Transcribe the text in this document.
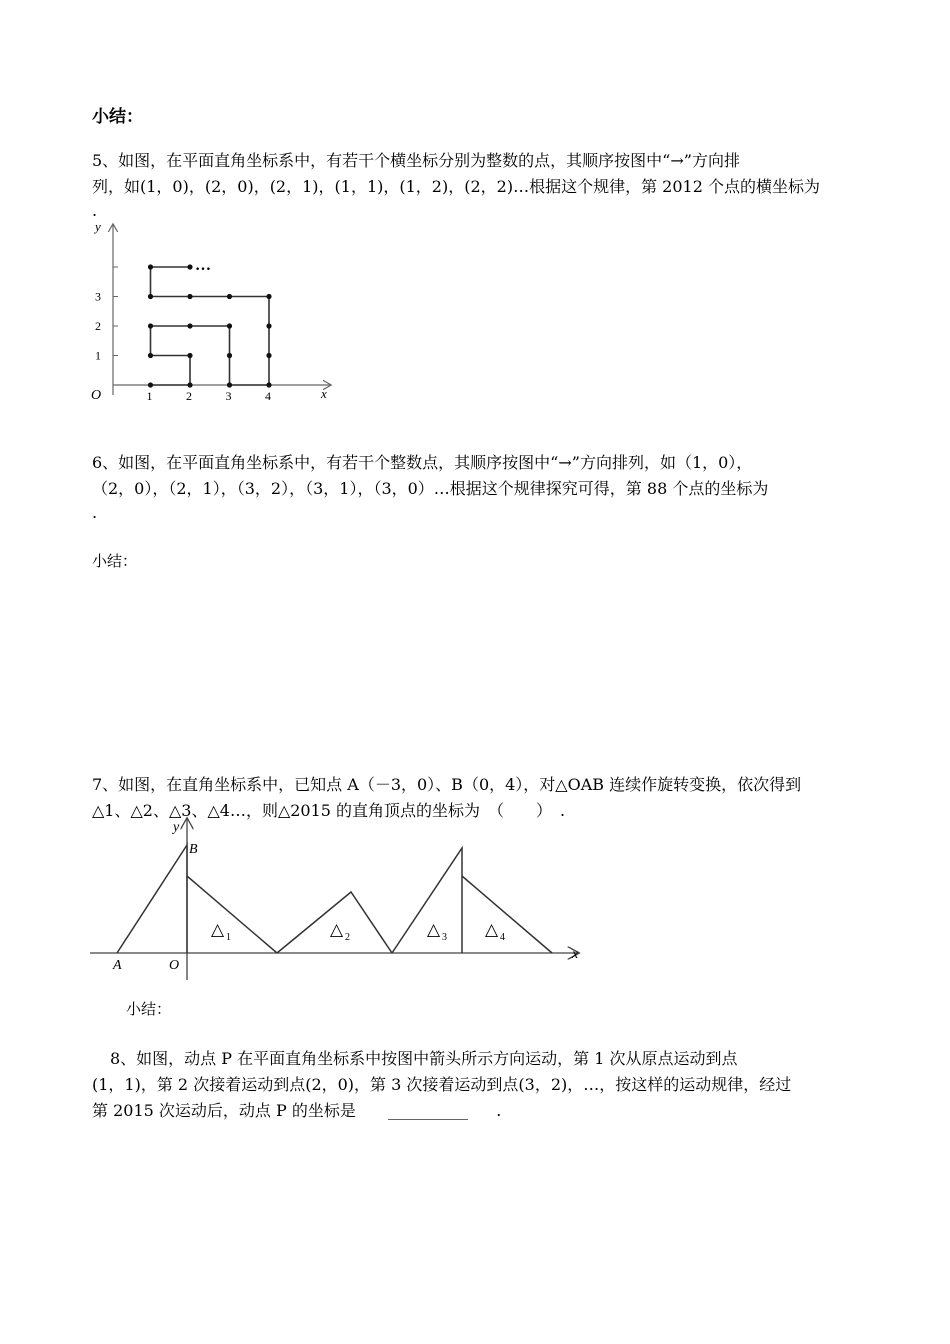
小结：
5、如图，在平面直角坐标系中，有若干个横坐标分别为整数的点，其顺序按图中“→”方向排
列，如(1，0)，(2，0)，(2，1)，(1，1)，(1，2)，(2，2)…根据这个规律，第 2012 个点的横坐标为
.
O	x
y
1
2
3
1	2	3	4
…
6、如图，在平面直角坐标系中，有若干个整数点，其顺序按图中“→”方向排列，如（1，0），
（2，0），（2，1），（3，2），（3，1），（3，0）…根据这个规律探究可得，第 88 个点的坐标为
.
小结：
7、如图，在直角坐标系中，已知点 A（－3，0）、B（0，4），对△OAB 连续作旋转变换，依次得到
△1、△2、△3、△4…，则△2015 的直角顶点的坐标为　（　　）　.
x
y
O
A
B
△ 1	△ 2	△ 3 △ 4
小结：
8、如图，动点 P 在平面直角坐标系中按图中箭头所示方向运动，第 1 次从原点运动到点
(1，1)，第 2 次接着运动到点(2，0)，第 3 次接着运动到点(3，2)，…，按这样的运动规律，经过
第 2015 次运动后，动点 P 的坐标是 __________ .
